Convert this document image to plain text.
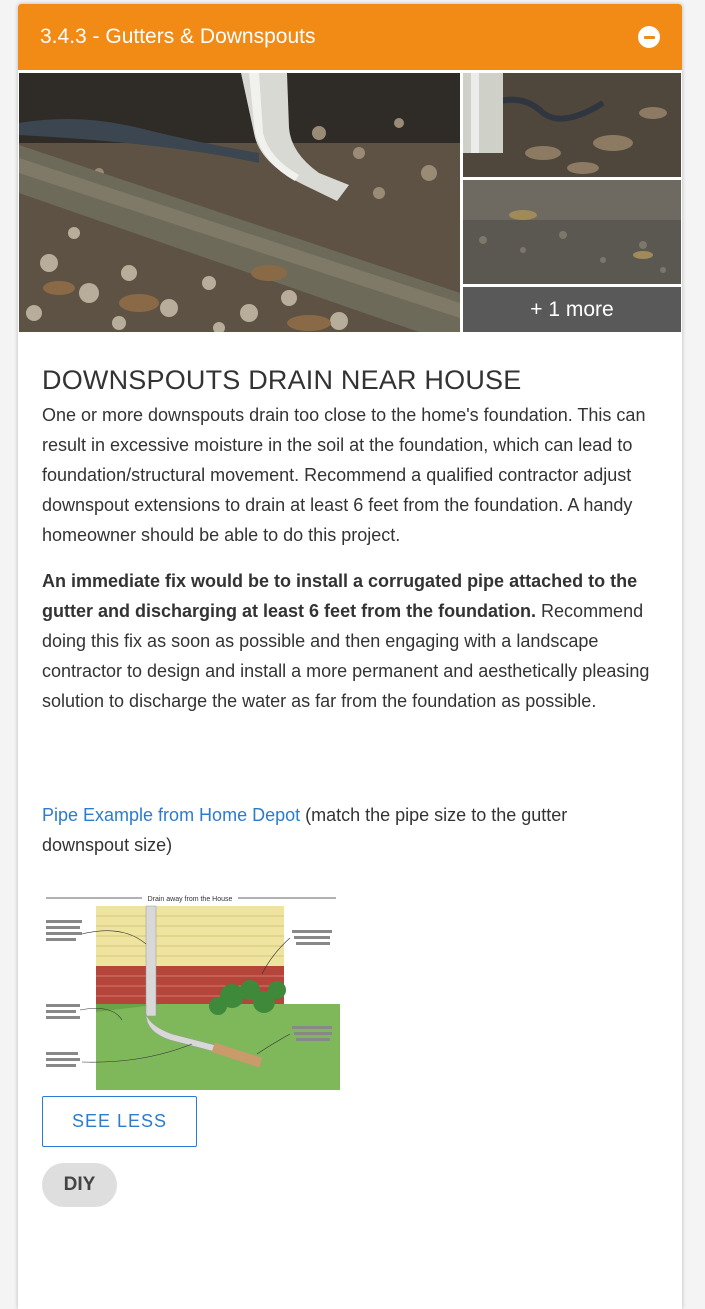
3.4.3 - Gutters & Downspouts
+ 1 more
DOWNSPOUTS DRAIN NEAR HOUSE

One or more downspouts drain too close to the home's foundation. This can result in excessive moisture in the soil at the foundation, which can lead to foundation/structural movement. Recommend a qualified contractor adjust downspout extensions to drain at least 6 feet from the foundation. A handy homeowner should be able to do this project.

An immediate fix would be to install a corrugated pipe attached to the gutter and discharging at least 6 feet from the foundation. Recommend doing this fix as soon as possible and then engaging with a landscape contractor to design and install a more permanent and aesthetically pleasing solution to discharge the water as far from the foundation as possible.

Pipe Example from Home Depot (match the pipe size to the gutter downspout size)
Drain away from the House
SEE LESS
DIY
